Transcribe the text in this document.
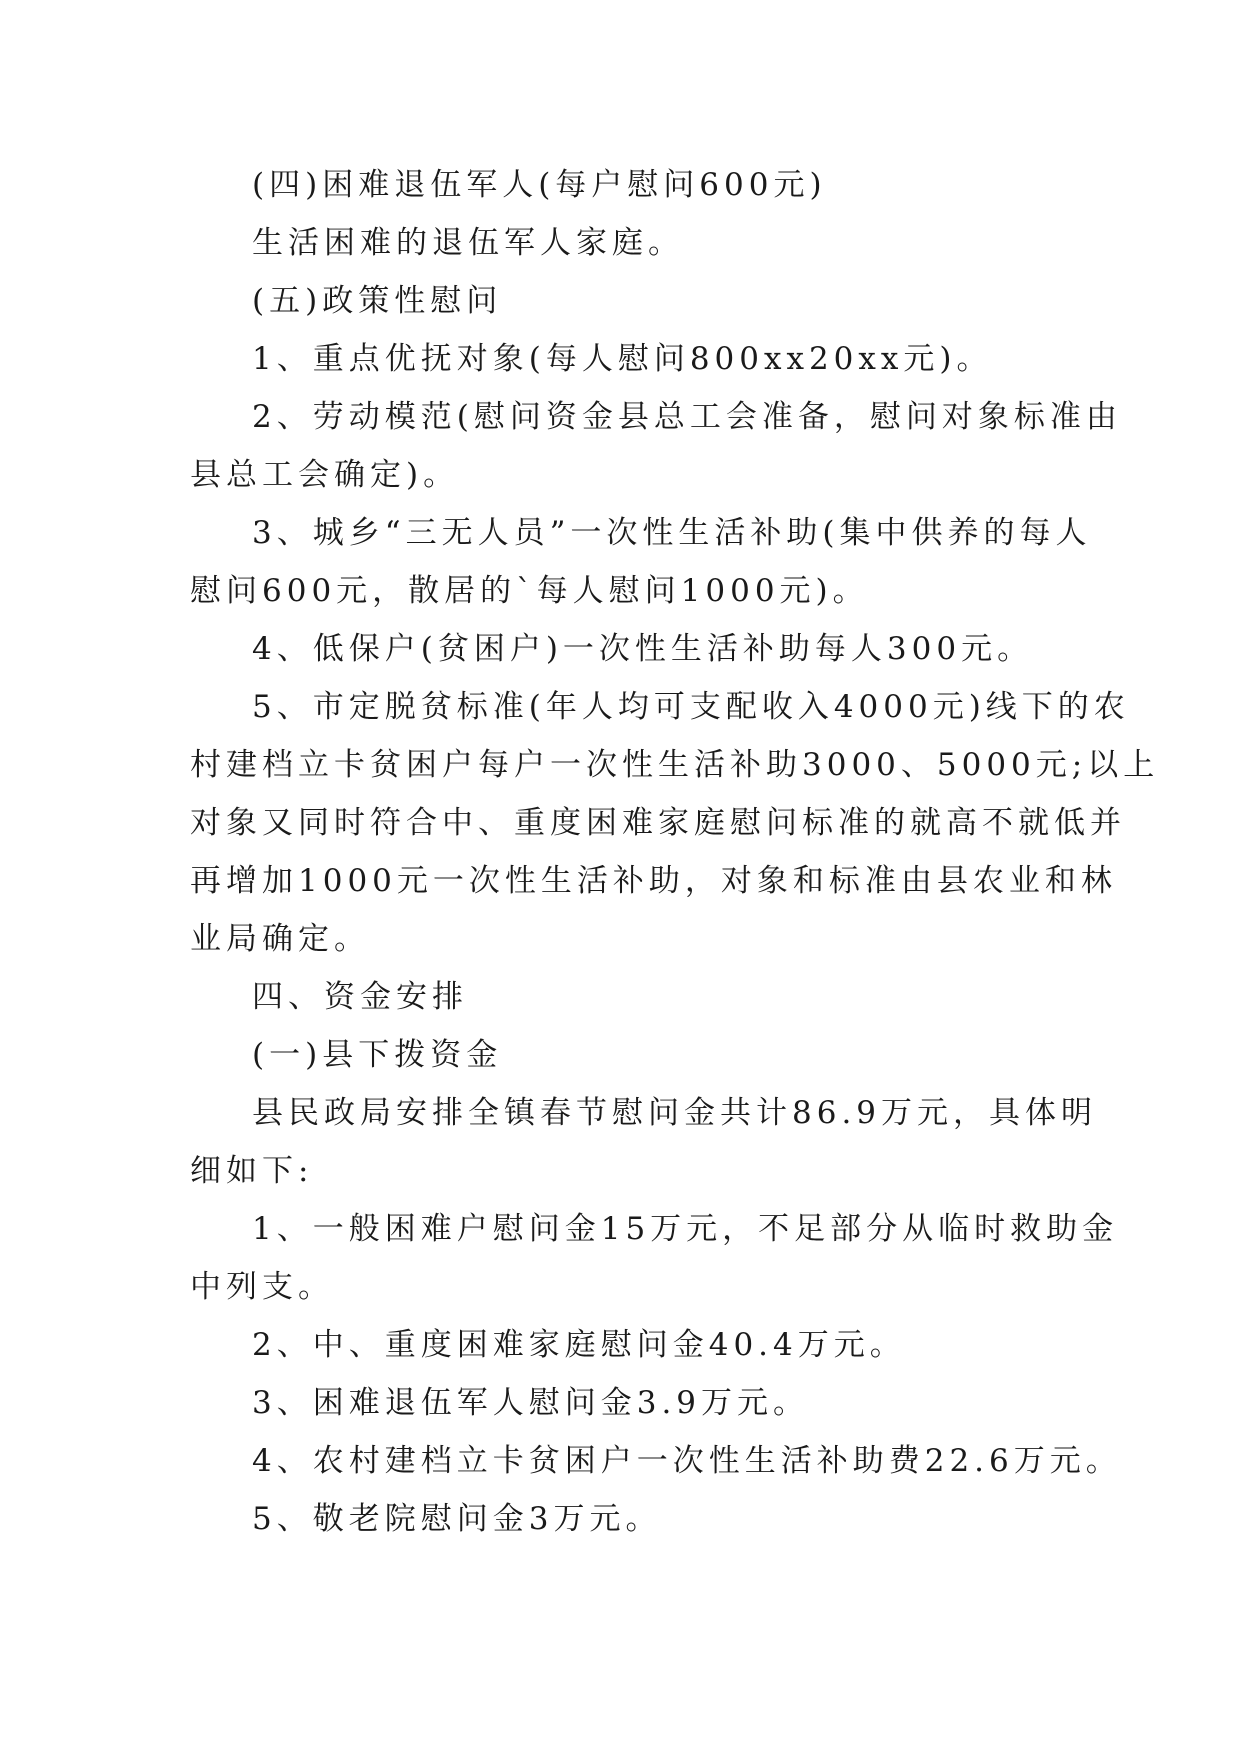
(四)困难退伍军人(每户慰问600元)
生活困难的退伍军人家庭。
(五)政策性慰问
1、重点优抚对象(每人慰问800xx20xx元)。
2、劳动模范(慰问资金县总工会准备，慰问对象标准由
县总工会确定)。
3、城乡“三无人员”一次性生活补助(集中供养的每人
慰问600元，散居的`每人慰问1000元)。
4、低保户(贫困户)一次性生活补助每人300元。
5、市定脱贫标准(年人均可支配收入4000元)线下的农
村建档立卡贫困户每户一次性生活补助3000、5000元;以上
对象又同时符合中、重度困难家庭慰问标准的就高不就低并
再增加1000元一次性生活补助，对象和标准由县农业和林
业局确定。
四、资金安排
(一)县下拨资金
县民政局安排全镇春节慰问金共计86.9万元，具体明
细如下:
1、一般困难户慰问金15万元，不足部分从临时救助金
中列支。
2、中、重度困难家庭慰问金40.4万元。
3、困难退伍军人慰问金3.9万元。
4、农村建档立卡贫困户一次性生活补助费22.6万元。
5、敬老院慰问金3万元。
